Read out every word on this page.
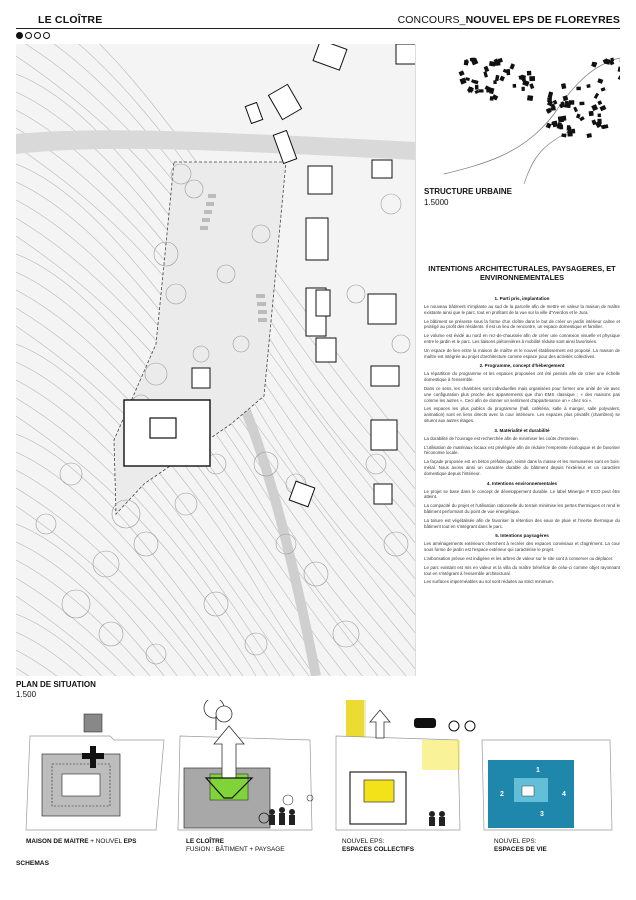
LE CLOÎTRE	CONCOURS_NOUVEL EPS DE FLOREYRES
STRUCTURE URBAINE
1.5000
INTENTIONS ARCHITECTURALES, PAYSAGERES, ET ENVIRONNEMENTALES
1. Parti pris, implantation
Le nouveau bâtiment s'implante au sud de la parcelle afin de mettre en valeur la maison de maître existante ainsi que le parc, tout en profitant de la vue sur la ville d'Yverdon et le Jura.
Le bâtiment se présente sous la forme d'un cloître dans le but de créer un jardin intérieur calme et protégé au profit des résidents. Il est un lieu de rencontre, un espace domestique et familier.
Le volume est évidé au nord en rez-de-chaussée afin de créer une connexion visuelle et physique entre le jardin et le parc. Les liaisons piétonnières à mobilité réduite sont ainsi favorisées.
Un espace de lien entre la maison de maître et le nouvel établissement est proposé. La maison de maître est intégrée au projet d'architecture comme espace pour des activités collectives.
2. Programme, concept d'hébergement
La répartition du programme et les espaces proposées ont été pensés afin de créer une échelle domestique à l'ensemble.
Dans ce sens, les chambres sont individuelles mais organisées pour former une unité de vie avec une configuration plus proche des appartements que d'un EMS classique ; « des maisons pas comme les autres ». Ceci afin de donner un sentiment d'appartenance un « chez soi ».
Les espaces les plus publics du programme (hall, cafétéria, salle à manger, salle polyvalent, animation) sont en liens directs avec la cour intérieure. Les espaces plus privatifs (chambres) se situent aux autres étages.
3. Matérialité et durabilité
La durabilité de l'ouvrage est recherchée afin de minimiser les coûts d'entretien.
L'utilisation de matériaux locaux est privilégiée afin de réduire l'empreinte écologique et de favoriser l'économie locale.
La façade proposée est en béton préfabriqué, teinté dans la masse et les menuiseries sont en bois-métal. Nous avons ainsi un caractère durable du bâtiment depuis l'extérieur et un caractère domestique depuis l'intérieur.
4. Intentions environnementales
Le projet se base dans le concept de développement durable. Le label Minergie P ECO peut être atteint.
La compacité du projet et l'utilisation rationnelle du terrain minimise les pertes thermiques et rend le bâtiment performant du point de vue énergétique.
La toiture est végétalisée afin de favoriser la rétention des eaux de pluie et l'inertie thermique du bâtiment tout en s'intégrant dans le parc.
5. Intentions paysagères
Les aménagements extérieurs cherchent à recréer des espaces conviviaux et d'agrément. La cour sous forme de jardin est l'espace extérieur qui caractérise le projet.
L'arborisation prévue est indigène et les arbres de valeur sur le site sont à conserver ou déplacer.
Le parc existant est mis en valeur et la villa du maître bénéficie de celui-ci comme objet rayonnant tout en s'intégrant à l'ensemble architectural.
Les surfaces imperméables au sol sont réduites au strict minimum.
PLAN DE SITUATION
1.500
MAISON DE MAITRE + NOUVEL EPS	LE CLOÎTRE
FUSION : BÂTIMENT + PAYSAGE
NOUVEL EPS:
ESPACES COLLECTIFS
1
2
3
4
NOUVEL EPS:
ESPACES DE VIE
SCHEMAS
